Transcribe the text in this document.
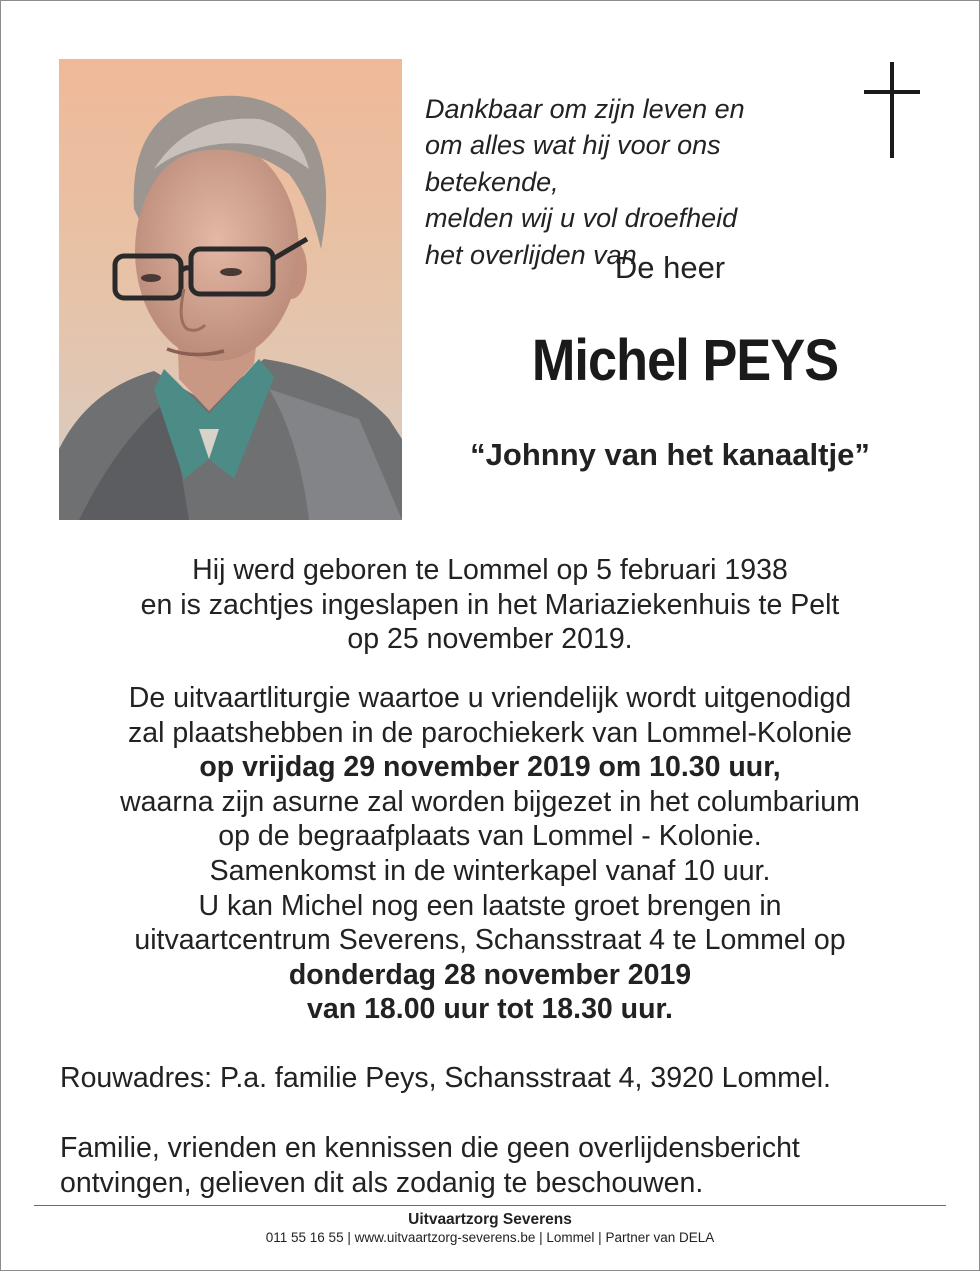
Dankbaar om zijn leven en
om alles wat hij voor ons
betekende,
melden wij u vol droefheid
het overlijden van

De heer
Michel PEYS
“Johnny van het kanaaltje”
Hij werd geboren te Lommel op 5 februari 1938
en is zachtjes ingeslapen in het Mariaziekenhuis te Pelt
op 25 november 2019.
De uitvaartliturgie waartoe u vriendelijk wordt uitgenodigd
zal plaatshebben in de parochiekerk van Lommel-Kolonie
op vrijdag 29 november 2019 om 10.30 uur,
waarna zijn asurne zal worden bijgezet in het columbarium
op de begraafplaats van Lommel - Kolonie.
Samenkomst in de winterkapel vanaf 10 uur.
U kan Michel nog een laatste groet brengen in
uitvaartcentrum Severens, Schansstraat 4 te Lommel op
donderdag 28 november 2019
van 18.00 uur tot 18.30 uur.
Rouwadres: P.a. familie Peys, Schansstraat 4, 3920 Lommel.
Familie, vrienden en kennissen die geen overlijdensbericht
ontvingen, gelieven dit als zodanig te beschouwen.
Uitvaartzorg Severens
011 55 16 55 | www.uitvaartzorg-severens.be | Lommel | Partner van DELA
